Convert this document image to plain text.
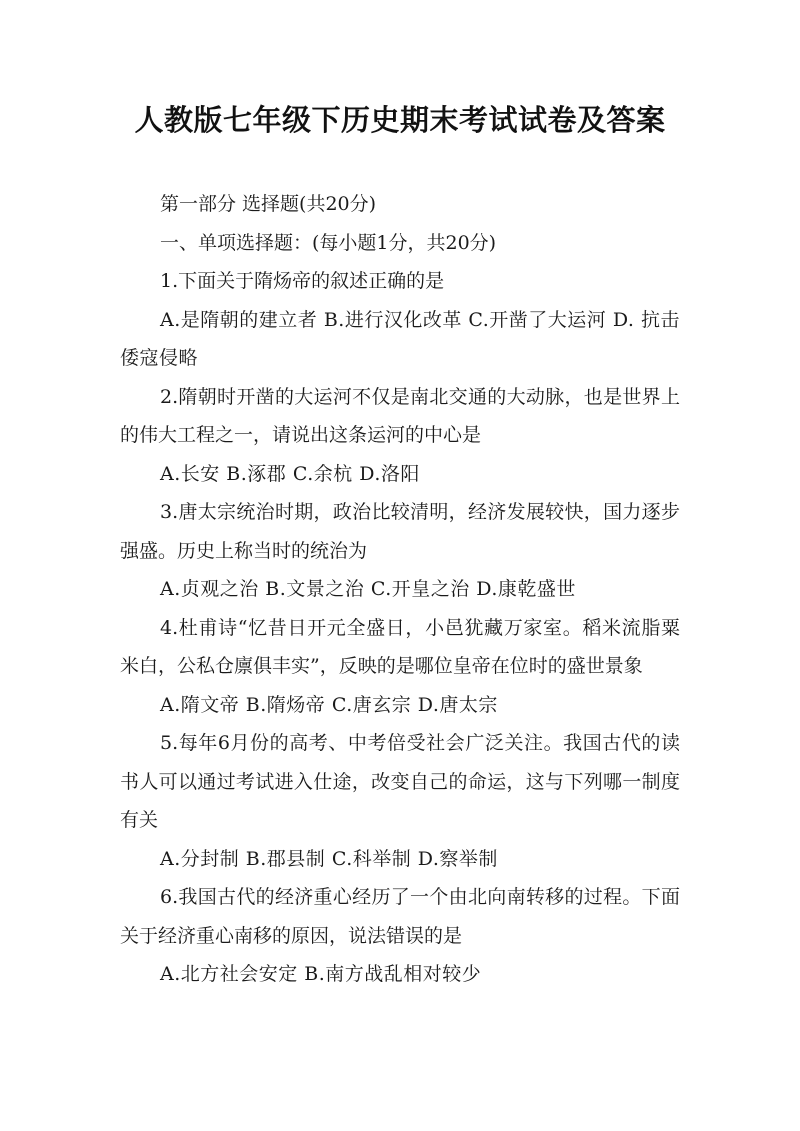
人教版七年级下历史期末考试试卷及答案

第一部分 选择题(共20分)

一、单项选择题：(每小题1分，共20分)

1.下面关于隋炀帝的叙述正确的是

A.是隋朝的建立者 B.进行汉化改革 C.开凿了大运河 D. 抗击倭寇侵略

2.隋朝时开凿的大运河不仅是南北交通的大动脉，也是世界上的伟大工程之一，请说出这条运河的中心是

A.长安 B.涿郡 C.余杭 D.洛阳

3.唐太宗统治时期，政治比较清明，经济发展较快，国力逐步强盛。历史上称当时的统治为

A.贞观之治 B.文景之治 C.开皇之治 D.康乾盛世

4.杜甫诗“忆昔日开元全盛日，小邑犹藏万家室。稻米流脂粟米白，公私仓廪俱丰实”，反映的是哪位皇帝在位时的盛世景象

A.隋文帝 B.隋炀帝 C.唐玄宗 D.唐太宗

5.每年6月份的高考、中考倍受社会广泛关注。我国古代的读书人可以通过考试进入仕途，改变自己的命运，这与下列哪一制度有关

A.分封制 B.郡县制 C.科举制 D.察举制

6.我国古代的经济重心经历了一个由北向南转移的过程。下面关于经济重心南移的原因，说法错误的是

A.北方社会安定 B.南方战乱相对较少
